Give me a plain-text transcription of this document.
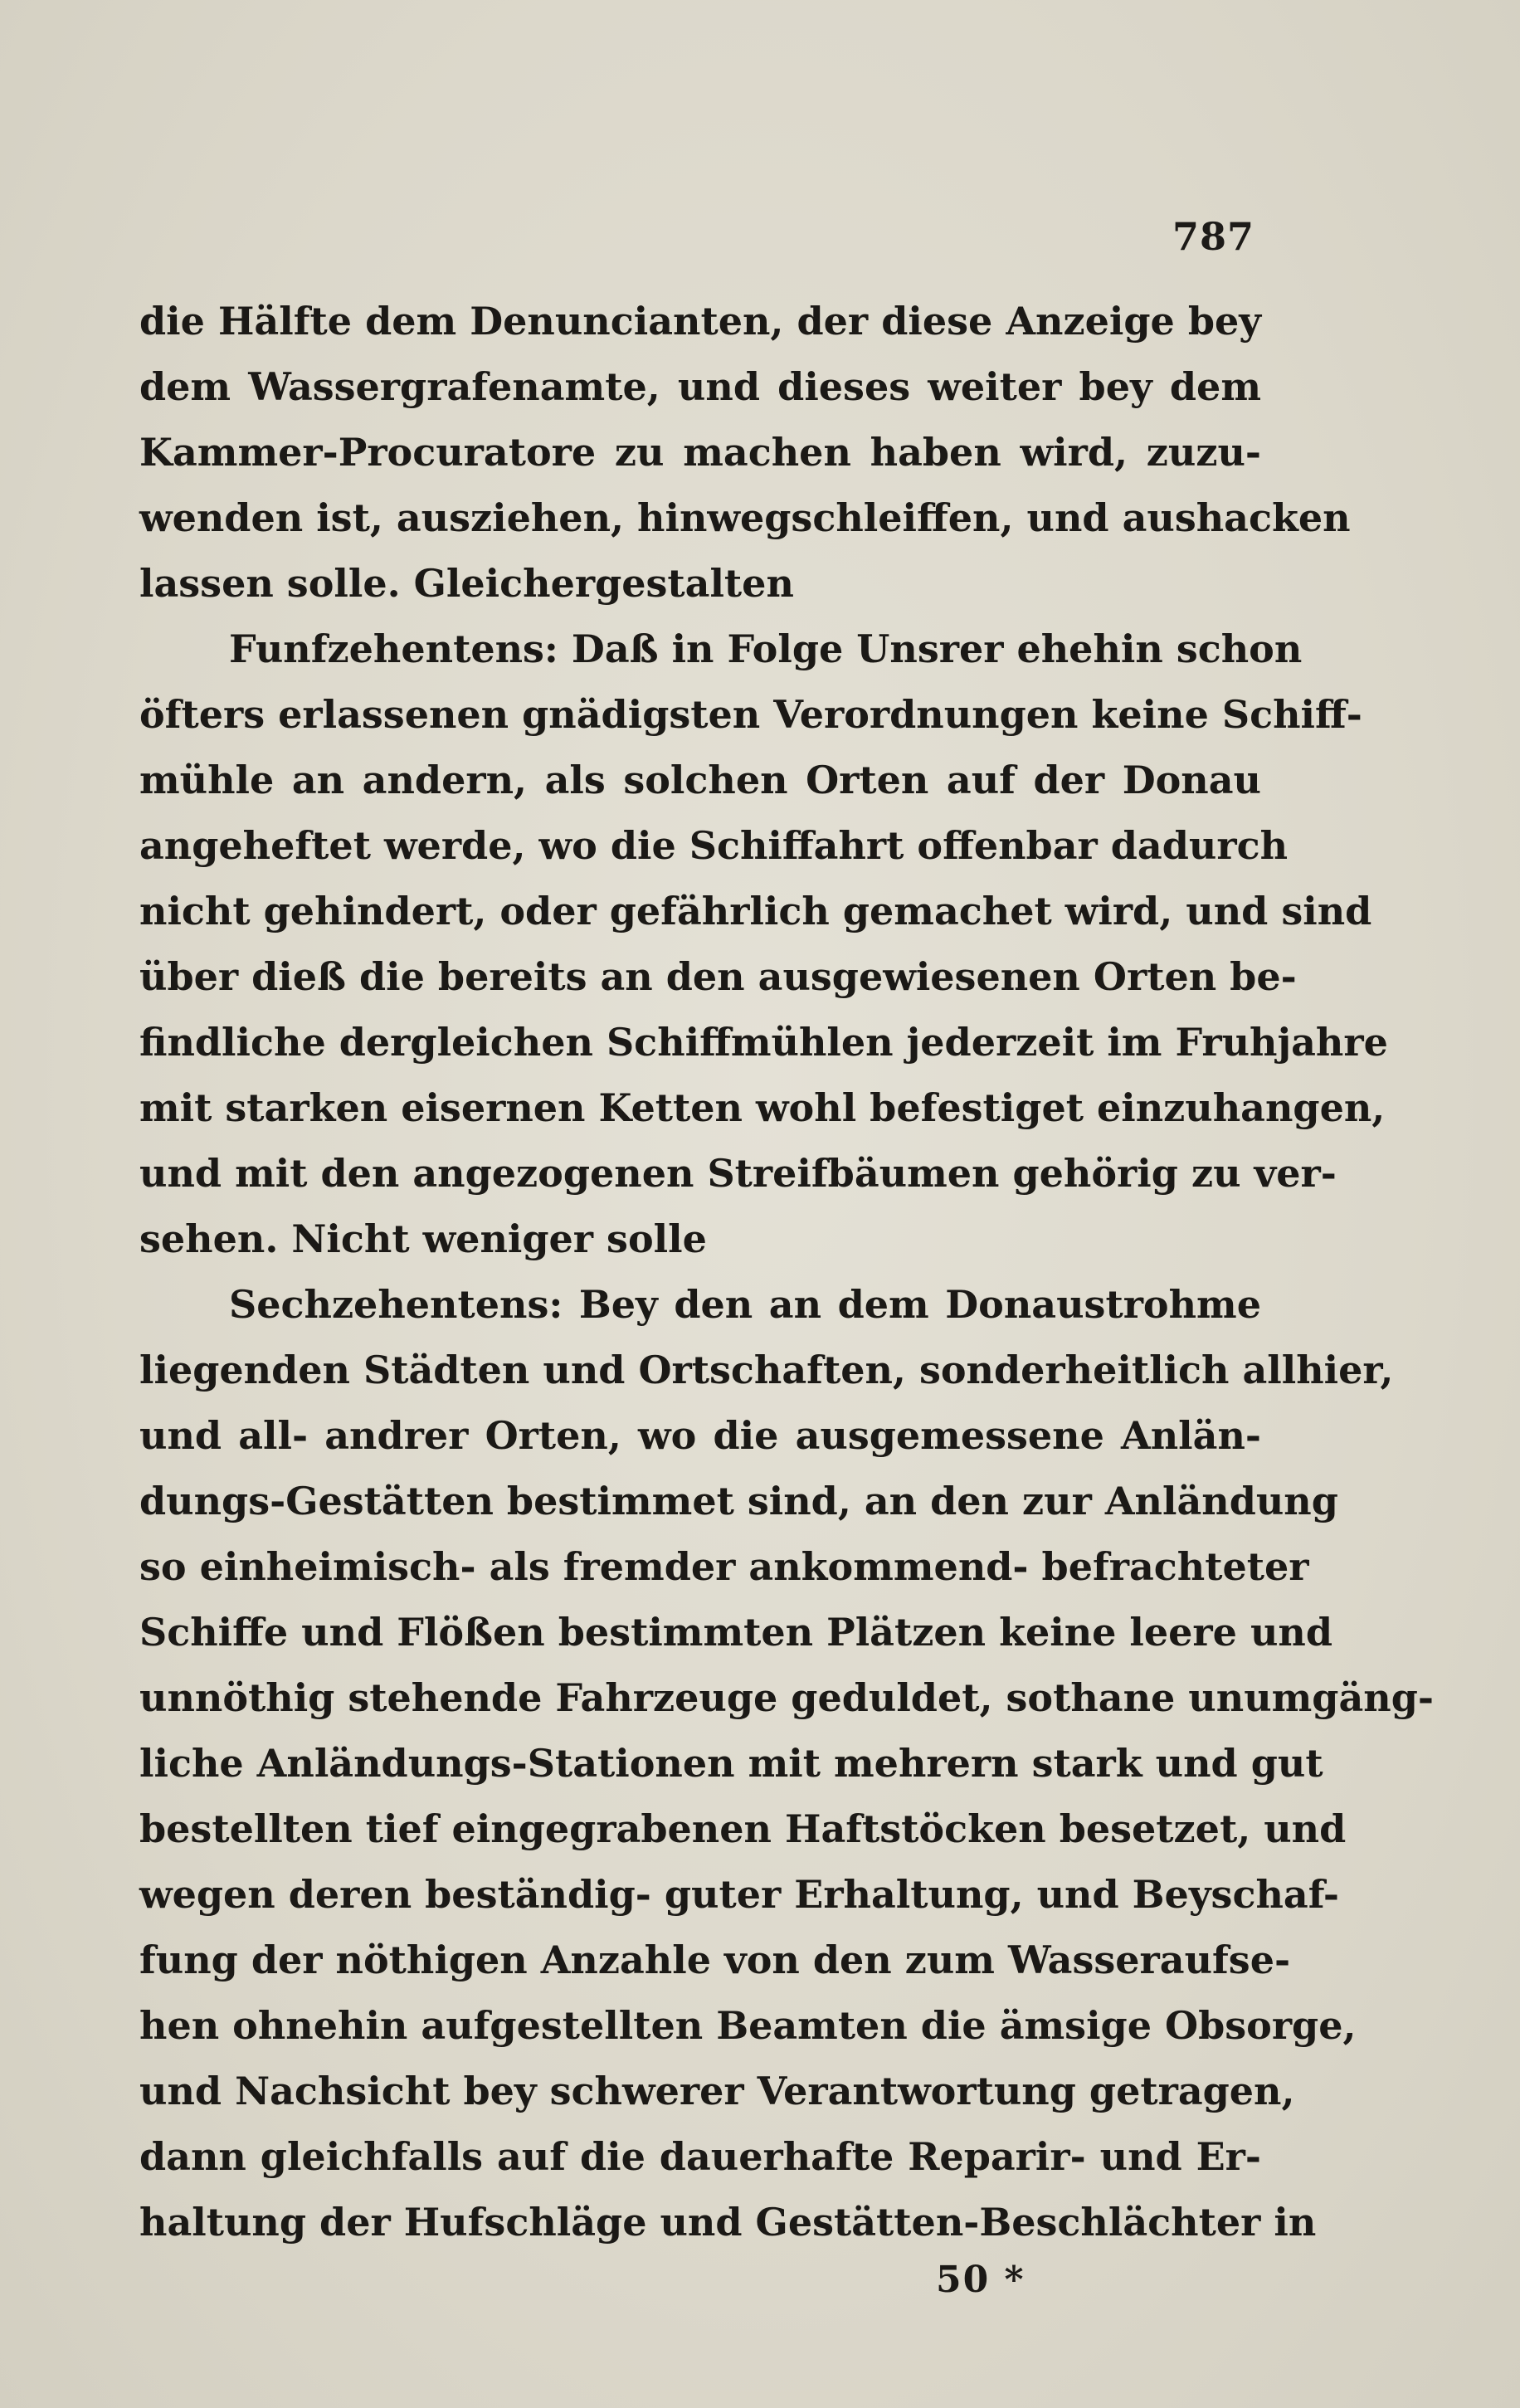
787
die Hälfte dem Denuncianten, der diese Anzeige bey
dem Wassergrafenamte, und dieses weiter bey dem
Kammer-Procuratore zu machen haben wird, zuzu-
wenden ist, ausziehen, hinwegschleiffen, und aushacken
lassen solle. Gleichergestalten
Funfzehentens: Daß in Folge Unsrer ehehin schon
öfters erlassenen gnädigsten Verordnungen keine Schiff-
mühle an andern, als solchen Orten auf der Donau
angeheftet werde, wo die Schiffahrt offenbar dadurch
nicht gehindert, oder gefährlich gemachet wird, und sind
über dieß die bereits an den ausgewiesenen Orten be-
findliche dergleichen Schiffmühlen jederzeit im Fruhjahre
mit starken eisernen Ketten wohl befestiget einzuhangen,
und mit den angezogenen Streifbäumen gehörig zu ver-
sehen. Nicht weniger solle
Sechzehentens: Bey den an dem Donaustrohme
liegenden Städten und Ortschaften, sonderheitlich allhier,
und all- andrer Orten, wo die ausgemessene Anlän-
dungs-Gestätten bestimmet sind, an den zur Anländung
so einheimisch- als fremder ankommend- befrachteter
Schiffe und Flößen bestimmten Plätzen keine leere und
unnöthig stehende Fahrzeuge geduldet, sothane unumgäng-
liche Anländungs-Stationen mit mehrern stark und gut
bestellten tief eingegrabenen Haftstöcken besetzet, und
wegen deren beständig- guter Erhaltung, und Beyschaf-
fung der nöthigen Anzahle von den zum Wasseraufse-
hen ohnehin aufgestellten Beamten die ämsige Obsorge,
und Nachsicht bey schwerer Verantwortung getragen,
dann gleichfalls auf die dauerhafte Reparir- und Er-
haltung der Hufschläge und Gestätten-Beschlächter in
50 *
